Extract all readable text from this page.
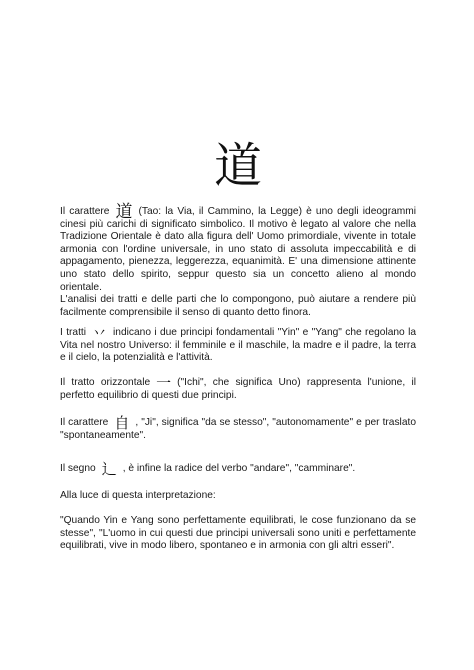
道

Il carattere 道 (Tao: la Via, il Cammino, la Legge) è uno degli ideogrammi cinesi più carichi di significato simbolico. Il motivo è legato al valore che nella Tradizione Orientale è dato alla figura dell' Uomo primordiale, vivente in totale armonia con l'ordine universale, in uno stato di assoluta impeccabilità e di appagamento, pienezza, leggerezza, equanimità. E' una dimensione attinente uno stato dello spirito, seppur questo sia un concetto alieno al mondo orientale.
L'analisi dei tratti e delle parti che lo compongono, può aiutare a rendere più facilmente comprensibile il senso di quanto detto finora.

I tratti 丷 indicano i due principi fondamentali "Yin" e "Yang" che regolano la Vita nel nostro Universo: il femminile e il maschile, la madre e il padre, la terra e il cielo, la potenzialità e l'attività.

Il tratto orizzontale 一 ("Ichi", che significa Uno) rappresenta l'unione, il perfetto equilibrio di questi due principi.

Il carattere 自 , "Ji", significa "da se stesso", "autonomamente" e per traslato "spontaneamente".

Il segno 辶 , è infine la radice del verbo "andare", "camminare".

Alla luce di questa interpretazione:

"Quando Yin e Yang sono perfettamente equilibrati, le cose funzionano da se stesse", "L'uomo in cui questi due principi universali sono uniti e perfettamente equilibrati, vive in modo libero, spontaneo e in armonia con gli altri esseri".
